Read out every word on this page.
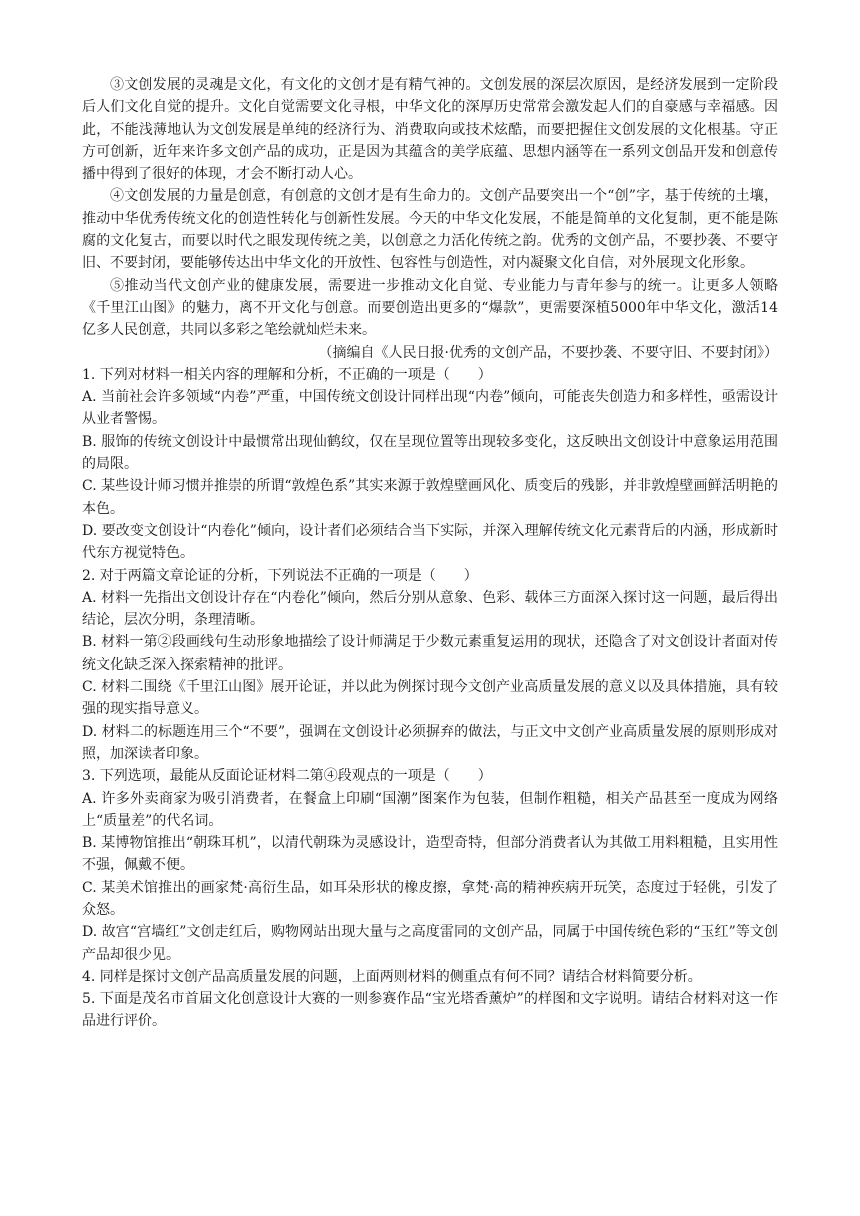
③文创发展的灵魂是文化，有文化的文创才是有精气神的。文创发展的深层次原因，是经济发展到一定阶段后人们文化自觉的提升。文化自觉需要文化寻根，中华文化的深厚历史常常会激发起人们的自豪感与幸福感。因此，不能浅薄地认为文创发展是单纯的经济行为、消费取向或技术炫酷，而要把握住文创发展的文化根基。守正方可创新，近年来许多文创产品的成功，正是因为其蕴含的美学底蕴、思想内涵等在一系列文创品开发和创意传播中得到了很好的体现，才会不断打动人心。

④文创发展的力量是创意，有创意的文创才是有生命力的。文创产品要突出一个“创”字，基于传统的土壤，推动中华优秀传统文化的创造性转化与创新性发展。今天的中华文化发展，不能是简单的文化复制，更不能是陈腐的文化复古，而要以时代之眼发现传统之美，以创意之力活化传统之韵。优秀的文创产品，不要抄袭、不要守旧、不要封闭，要能够传达出中华文化的开放性、包容性与创造性，对内凝聚文化自信，对外展现文化形象。

⑤推动当代文创产业的健康发展，需要进一步推动文化自觉、专业能力与青年参与的统一。让更多人领略《千里江山图》的魅力，离不开文化与创意。而要创造出更多的“爆款”，更需要深植5000年中华文化，激活14亿多人民创意，共同以多彩之笔绘就灿烂未来。

（摘编自《人民日报·优秀的文创产品，不要抄袭、不要守旧、不要封闭》）

1. 下列对材料一相关内容的理解和分析，不正确的一项是（　　）

A. 当前社会许多领域“内卷”严重，中国传统文创设计同样出现“内卷”倾向，可能丧失创造力和多样性，亟需设计从业者警惕。

B. 服饰的传统文创设计中最惯常出现仙鹤纹，仅在呈现位置等出现较多变化，这反映出文创设计中意象运用范围的局限。

C. 某些设计师习惯并推崇的所谓“敦煌色系”其实来源于敦煌壁画风化、质变后的残影，并非敦煌壁画鲜活明艳的本色。

D. 要改变文创设计“内卷化”倾向，设计者们必须结合当下实际，并深入理解传统文化元素背后的内涵，形成新时代东方视觉特色。

2. 对于两篇文章论证的分析，下列说法不正确的一项是（　　）

A. 材料一先指出文创设计存在“内卷化”倾向，然后分别从意象、色彩、载体三方面深入探讨这一问题，最后得出结论，层次分明，条理清晰。

B. 材料一第②段画线句生动形象地描绘了设计师满足于少数元素重复运用的现状，还隐含了对文创设计者面对传统文化缺乏深入探索精神的批评。

C. 材料二围绕《千里江山图》展开论证，并以此为例探讨现今文创产业高质量发展的意义以及具体措施，具有较强的现实指导意义。

D. 材料二的标题连用三个“不要”，强调在文创设计必须摒弃的做法，与正文中文创产业高质量发展的原则形成对照，加深读者印象。

3. 下列选项，最能从反面论证材料二第④段观点的一项是（　　）

A. 许多外卖商家为吸引消费者，在餐盒上印刷“国潮”图案作为包装，但制作粗糙，相关产品甚至一度成为网络上“质量差”的代名词。

B. 某博物馆推出“朝珠耳机”，以清代朝珠为灵感设计，造型奇特，但部分消费者认为其做工用料粗糙，且实用性不强，佩戴不便。

C. 某美术馆推出的画家梵·高衍生品，如耳朵形状的橡皮擦，拿梵·高的精神疾病开玩笑，态度过于轻佻，引发了众怒。

D. 故宫“宫墙红”文创走红后，购物网站出现大量与之高度雷同的文创产品，同属于中国传统色彩的“玉红”等文创产品却很少见。

4. 同样是探讨文创产品高质量发展的问题，上面两则材料的侧重点有何不同？请结合材料简要分析。

5. 下面是茂名市首届文化创意设计大赛的一则参赛作品“宝光塔香薰炉”的样图和文字说明。请结合材料对这一作品进行评价。
